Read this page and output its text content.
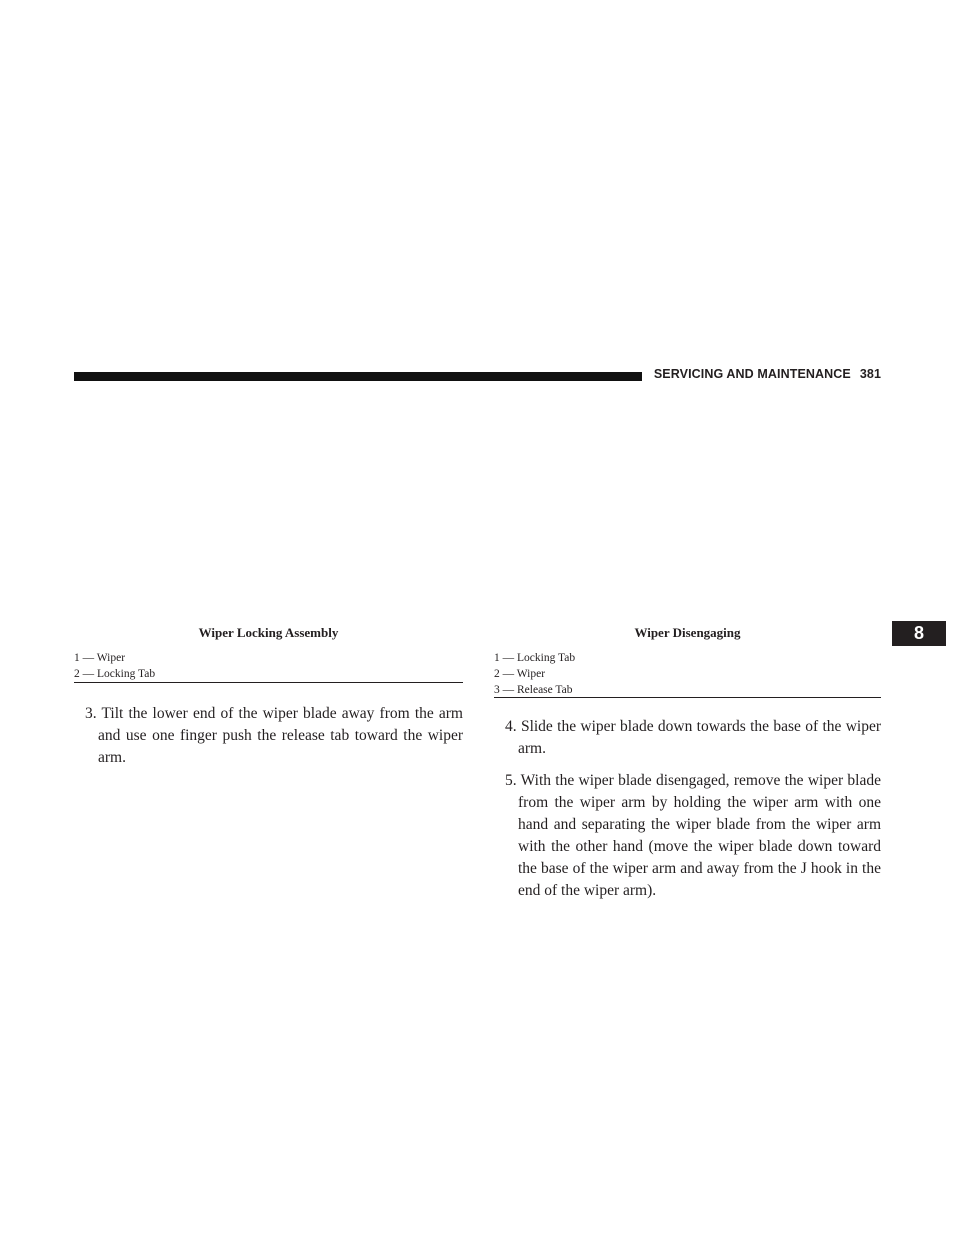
SERVICING AND MAINTENANCE 381
8
Wiper Locking Assembly
1 — Wiper
2 — Locking Tab
3. Tilt the lower end of the wiper blade away from the arm and use one finger push the release tab toward the wiper arm.
Wiper Disengaging
1 — Locking Tab
2 — Wiper
3 — Release Tab
4. Slide the wiper blade down towards the base of the wiper arm.
5. With the wiper blade disengaged, remove the wiper blade from the wiper arm by holding the wiper arm with one hand and separating the wiper blade from the wiper arm with the other hand (move the wiper blade down toward the base of the wiper arm and away from the J hook in the end of the wiper arm).
